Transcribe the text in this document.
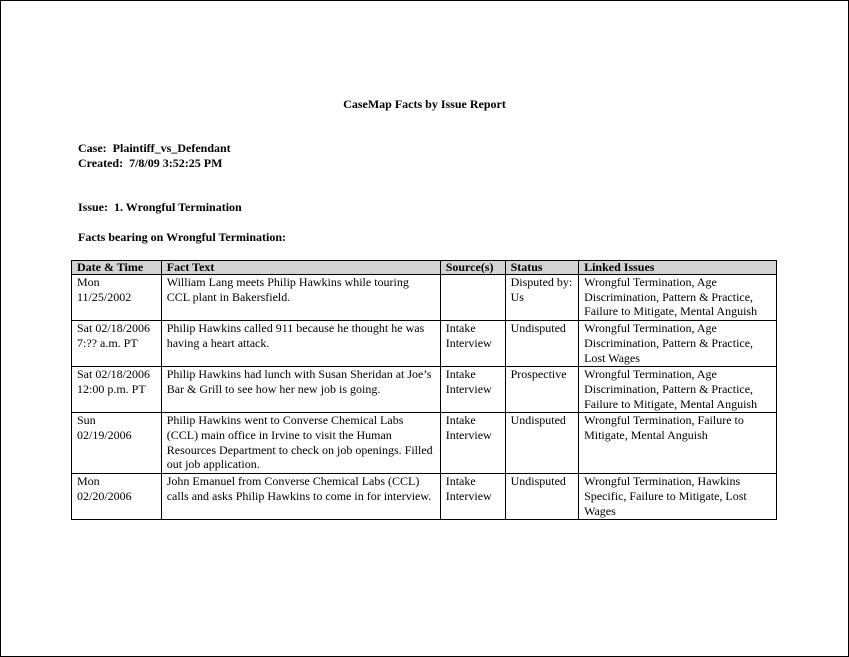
CaseMap Facts by Issue Report
Case: Plaintiff_vs_Defendant
Created: 7/8/09 3:52:25 PM
Issue: 1. Wrongful Termination
Facts bearing on Wrongful Termination:
Date & Time	Fact Text	Source(s)	Status	Linked Issues

Mon
11/25/2002	William Lang meets Philip Hawkins while touring CCL plant in Bakersfield.		Disputed by: Us	Wrongful Termination, Age Discrimination, Pattern & Practice, Failure to Mitigate, Mental Anguish

Sat 02/18/2006
7:?? a.m. PT	Philip Hawkins called 911 because he thought he was having a heart attack.	Intake Interview	Undisputed	Wrongful Termination, Age Discrimination, Pattern & Practice, Lost Wages

Sat 02/18/2006
12:00 p.m. PT	Philip Hawkins had lunch with Susan Sheridan at Joe’s Bar & Grill to see how her new job is going.	Intake Interview	Prospective	Wrongful Termination, Age Discrimination, Pattern & Practice, Failure to Mitigate, Mental Anguish

Sun
02/19/2006	Philip Hawkins went to Converse Chemical Labs (CCL) main office in Irvine to visit the Human Resources Department to check on job openings. Filled out job application.	Intake Interview	Undisputed	Wrongful Termination, Failure to Mitigate, Mental Anguish

Mon
02/20/2006	John Emanuel from Converse Chemical Labs (CCL) calls and asks Philip Hawkins to come in for interview.	Intake Interview	Undisputed	Wrongful Termination, Hawkins Specific, Failure to Mitigate, Lost Wages
